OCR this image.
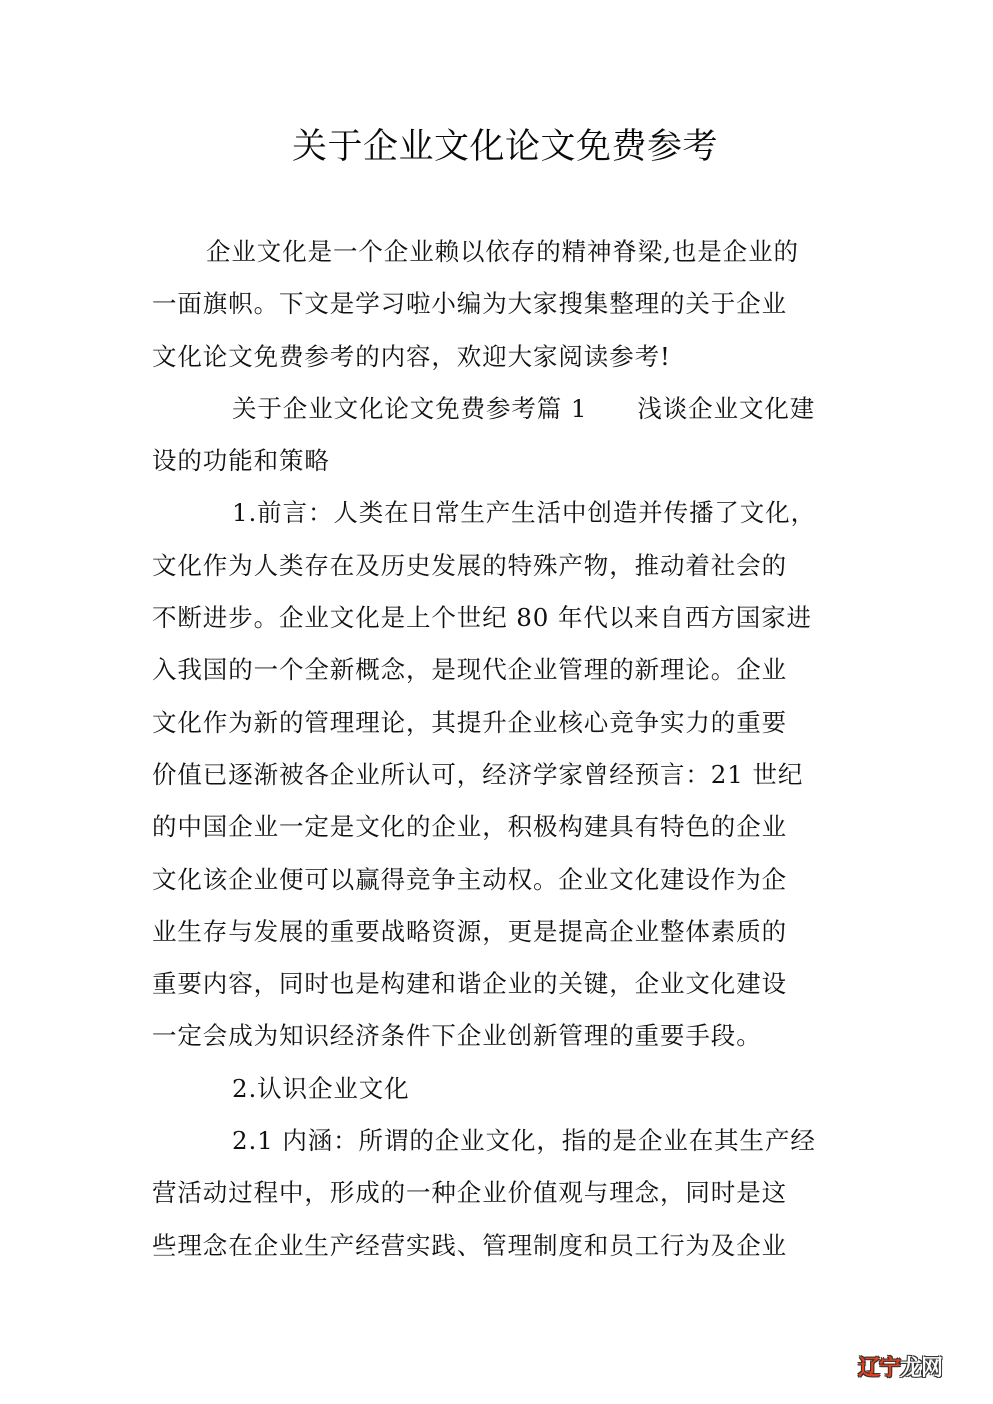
关于企业文化论文免费参考
企业文化是一个企业赖以依存的精神脊梁,也是企业的
一面旗帜。下文是学习啦小编为大家搜集整理的关于企业
文化论文免费参考的内容，欢迎大家阅读参考!
关于企业文化论文免费参考篇 1 浅谈企业文化建
设的功能和策略
1.前言：人类在日常生产生活中创造并传播了文化，
文化作为人类存在及历史发展的特殊产物，推动着社会的
不断进步。企业文化是上个世纪 80 年代以来自西方国家进
入我国的一个全新概念，是现代企业管理的新理论。企业
文化作为新的管理理论，其提升企业核心竞争实力的重要
价值已逐渐被各企业所认可，经济学家曾经预言：21 世纪
的中国企业一定是文化的企业，积极构建具有特色的企业
文化该企业便可以赢得竞争主动权。企业文化建设作为企
业生存与发展的重要战略资源，更是提高企业整体素质的
重要内容，同时也是构建和谐企业的关键，企业文化建设
一定会成为知识经济条件下企业创新管理的重要手段。
2.认识企业文化
2.1 内涵：所谓的企业文化，指的是企业在其生产经
营活动过程中，形成的一种企业价值观与理念，同时是这
些理念在企业生产经营实践、管理制度和员工行为及企业
辽宁龙网
